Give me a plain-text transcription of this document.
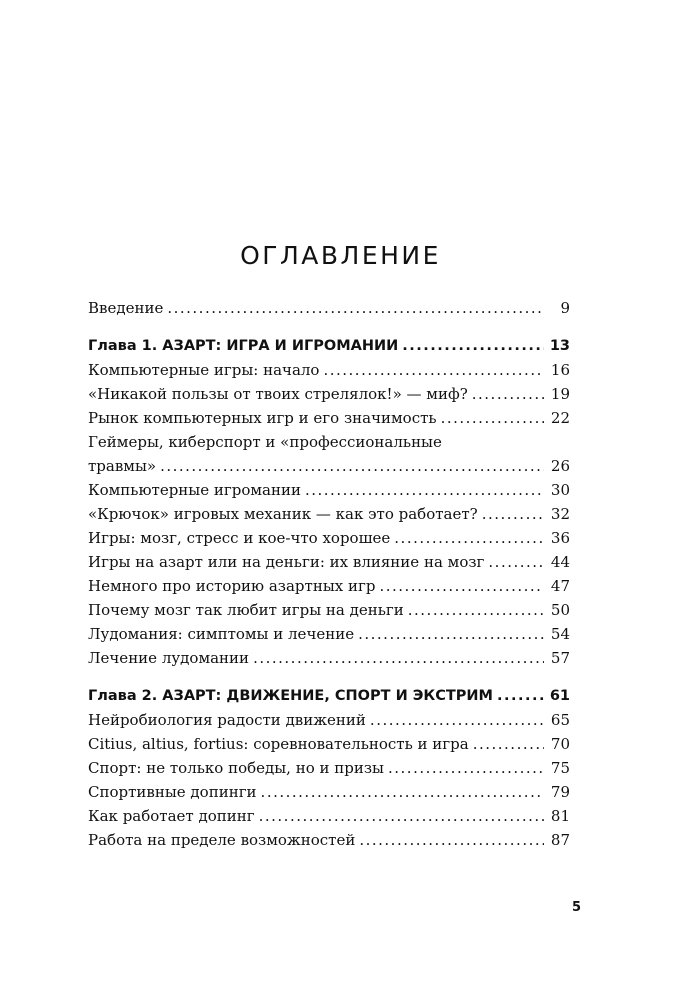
ОГЛАВЛЕНИЕ
Введение .....	9
Глава 1. АЗАРТ: ИГРА И ИГРОМАНИИ .....	13
Компьютерные игры: начало .....	16
«Никакой пользы от твоих стрелялок!» — миф? .....	19
Рынок компьютерных игр и его значимость .....	22
Геймеры, киберспорт и «профессиональные
травмы» .....	26
Компьютерные игромании .....	30
«Крючок» игровых механик — как это работает? .....	32
Игры: мозг, стресс и кое-что хорошее .....	36
Игры на азарт или на деньги: их влияние на мозг .....	44
Немного про историю азартных игр .....	47
Почему мозг так любит игры на деньги .....	50
Лудомания: симптомы и лечение .....	54
Лечение лудомании .....	57
Глава 2. АЗАРТ: ДВИЖЕНИЕ, СПОРТ И ЭКСТРИМ .....	61
Нейробиология радости движений .....	65
Citius, altius, fortius: соревновательность и игра .....	70
Спорт: не только победы, но и призы .....	75
Спортивные допинги .....	79
Как работает допинг .....	81
Работа на пределе возможностей .....	87
5
